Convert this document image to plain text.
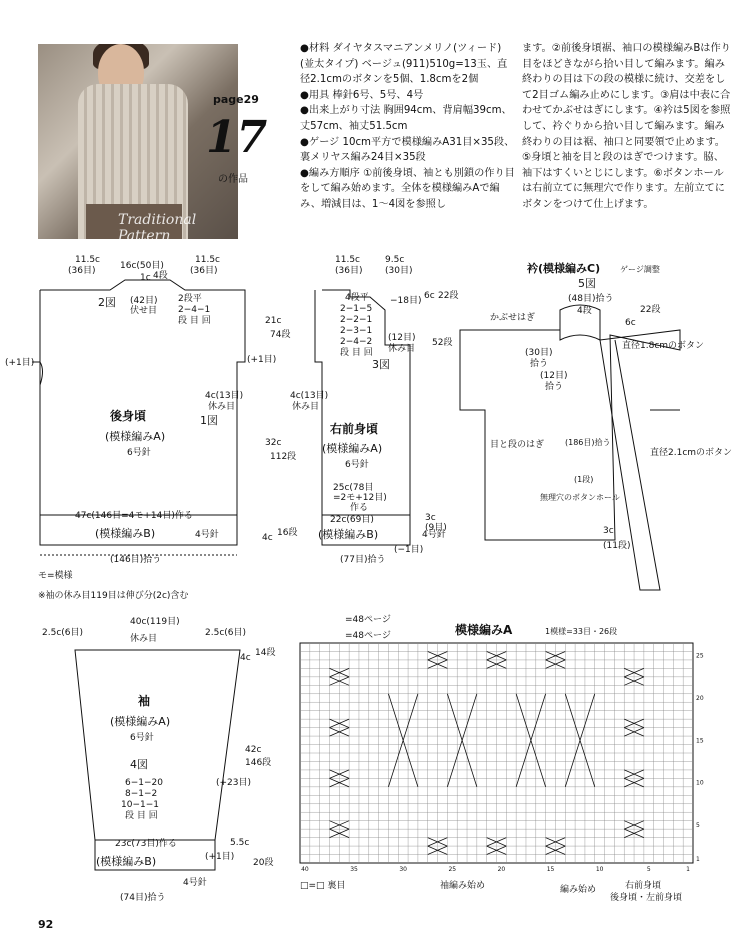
Traditional Pattern
page29
17
の作品

●材料 ダイヤタスマニアンメリノ(ツィード)(並太タイプ) ベージュ(911)510g=13玉、直径2.1cmのボタンを5個、1.8cmを2個

●用具 棒針6号、5号、4号

●出来上がり寸法 胸囲94cm、背肩幅39cm、丈57cm、袖丈51.5cm

●ゲージ 10cm平方で模様編みA31目×35段、裏メリヤス編み24目×35段

●編み方順序 ①前後身頃、袖とも別鎖の作り目をして編み始めます。全体を模様編みAで編み、増減目は、1〜4図を参照し

ます。②前後身頃裾、袖口の模様編みBは作り目をほどきながら拾い目して編みます。編み終わりの目は下の段の模様に続け、交差をして2目ゴム編み止めにします。③肩は中表に合わせてかぶせはぎにします。④衿は5図を参照して、衿ぐりから拾い目して編みます。編み終わりの目は裾、袖口と同要領で止めます。⑤身頃と袖を目と段のはぎでつけます。脇、袖下はすくいとじにします。⑥ボタンホールは右前立てに無理穴で作ります。左前立てにボタンをつけて仕上げます。

40	35	30	25	20	15	10	5	1
25
20
15
10
5
1
11.5c
(36目)	16c(50目)
11.5c
(36目)
1c 4段
(42目)
伏せ目
2図	2段平
2−4−1
段 目 回
(+1目)	(+1目)
4c(13目)
休み目
後身頃	1図
(模様編みA)
6号針
47c(146目=4モ+14目)作る
(模様編みB)	4号針
(146目)拾う
モ=模様
21c
74段
32c
112段
4c 16段
11.5c
(36目)
9.5c
(30目)
4段平
2−1−5
2−2−1
2−3−1
2−4−2
段 目 回
−18目)
(12目)
休み目
3図
4c(13目)
休み目
右前身頃
(模様編みA)
6号針
25c(78目
=2モ+12目)
作る
22c(69目)
(模様編みB)	4号針
(−1目)
(77目)拾う
6c 22段
52段
3c
(9目)
※袖の休み目119目は伸び分(2c)含む
40c(119目)
2.5c(6目)	2.5c(6目)
休み目
4c 14段
42c
146段
5.5c
20段
袖
(模様編みA)
6号針
4図
6−1−20
8−1−2
10−1−1
段 目 回
(+23目)
23c(73目)作る
(+1目)
(模様編みB)
4号針
(74目)拾う
衿(模様編みC) ゲージ調整
5図
(48目)拾う
4段
かぶせはぎ	6c
22段
(30目)
拾う
(12目)
拾う
直径1.8cmのボタン
目と段のはぎ
直径2.1cmのボタン
(186目)拾う
無理穴のボタンホール
(1段)
3c
(11段)
=48ページ
=48ページ	模様編みA	1模様=33目・26段
□=□ 裏目	袖編み始め	編み始め	右前身頃
後身頃・左前身頃
92
